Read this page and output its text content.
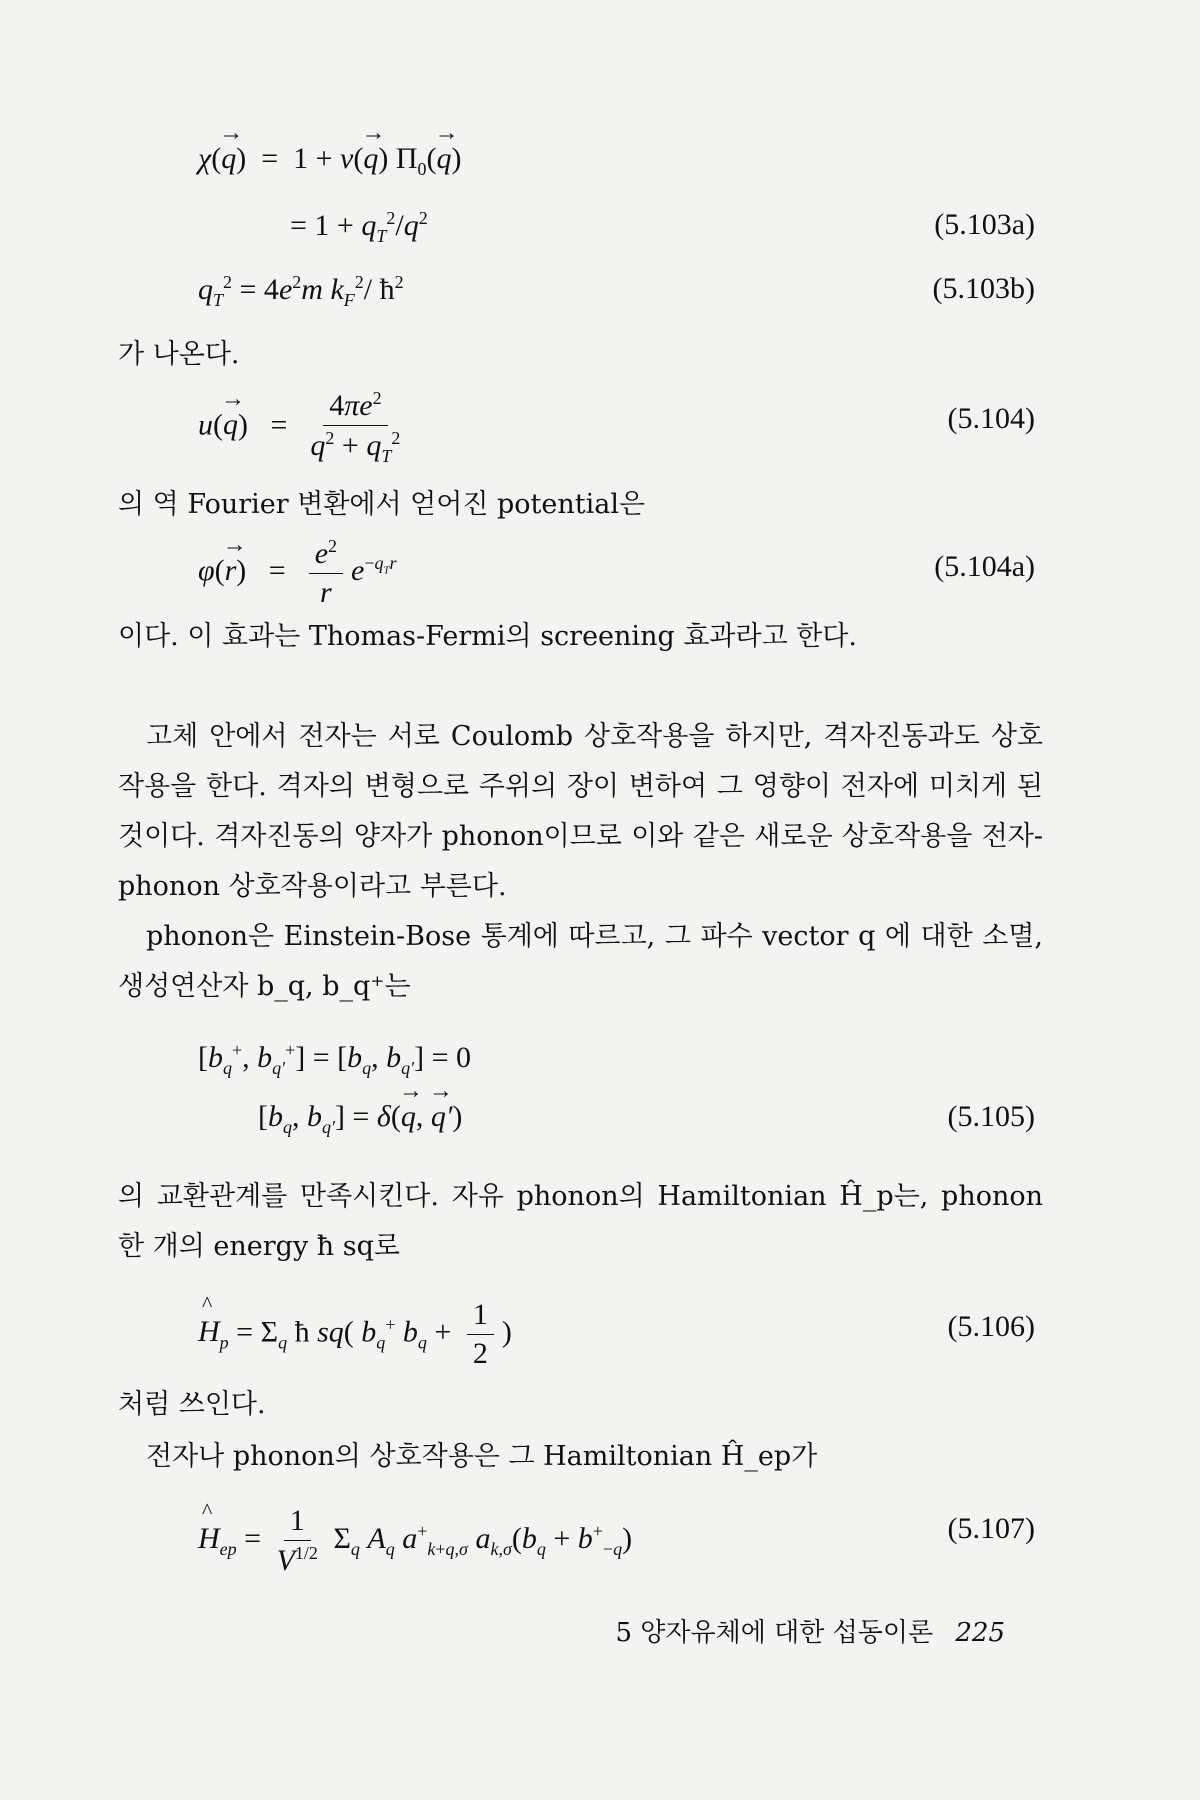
χ(→ q)  =  1 + v(→ q) $\Pi_0(\to q)$
= $1 + q_T^2/q^2$	(5.103a)
$q_T^2 = 4e^2m$ $k_F^2/$ $ħ^2$	(5.103b)
가 나온다.
$u(\to q) = \frac{4\pi e^2}{q^2 + q_T^2}$	(5.104)
의 역 Fourier 변환에서 얻어진 potential은
$\varphi(\to r) = \frac{e^2}{r} e^{-q_Tr}$	(5.104a)
이다. 이 효과는 Thomas-Fermi의 screening 효과라고 한다.
고체 안에서 전자는 서로 Coulomb 상호작용을 하지만, 격자진동과도 상호작용을 한다. 격자의 변형으로 주위의 장이 변하여 그 영향이 전자에 미치게 된 것이다. 격자진동의 양자가 phonon이므로 이와 같은 새로운 상호작용을 전자-phonon 상호작용이라고 부른다.
phonon은 Einstein-Bose 통계에 따르고, 그 파수 vector q 에 대한 소멸, 생성연산자 b_q, b_q⁺는
[$b_q^+$, $b_{q'}^+] = [b_q$, $b_{q'}] = 0$
[$b_q$, $b_{q'}] = \delta(\to q$, → q′)	(5.105)
의 교환관계를 만족시킨다. 자유 phonon의 Hamiltonian Ĥ_p는, phonon 한 개의 energy ħ sq로
^ $H_p = \Sigma_q$ ħ sq( $b_q^+$ $b_q + \frac{1}{2}$ )	(5.106)
처럼 쓰인다.
전자나 phonon의 상호작용은 그 Hamiltonian Ĥ_ep가
^ $H_{ep} = \frac{1}{V^{1/2}} \Sigma_q$ $A_q$ $a^+_{k+q,\sigma}$ $a_{k,\sigma}(b_q + b^+_{-q})$	(5.107)
5 양자유체에 대한 섭동이론 225
